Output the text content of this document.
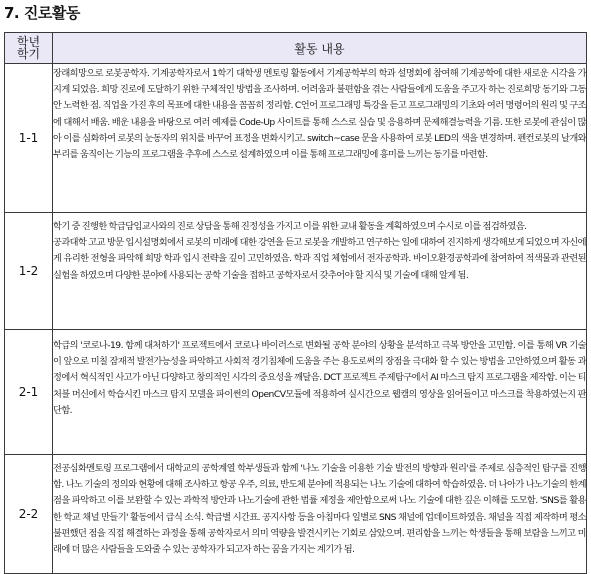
7. 진로활동
학년
학기	활동 내용
1-1	장래희망으로 로봇공학자. 기계공학자로서 1학기 대학생 멘토링 활동에서 기계공학부의 학과 설명회에 참여해 기계공학에 대한 새로운 시각을 가지게 되었음. 희망 진로에 도달하기 위한 구체적인 방법을 조사하며. 어려움과 불편함을 겪는 사람들에게 도움을 주고자 하는 진로희망 동기와 그동안 노력한 점. 직업을 가진 후의 목표에 대한 내용을 꼼꼼히 정리함. C언어 프로그래밍 특강을 듣고 프로그래밍의 기초와 여러 명령어의 원리 및 구조에 대해서 배움. 배운 내용을 바탕으로 여러 예제를 Code-Up 사이트를 통해 스스로 실습 및 응용하며 문제해결능력을 기름. 또한 로봇에 관심이 많아 이를 심화하여 로봇의 눈동자의 위치를 바꾸어 표정을 변화시키고. switch~case 문을 사용하여 로봇 LED의 색을 변경하며. 펜컨로봇의 날개와 부리를 움직이는 기능의 프로그램을 추후에 스스로 설계하였으며 이를 통해 프로그래밍에 흥미를 느끼는 동기를 마련함.

1-2	학기 중 진행한 학급담임교사와의 진로 상담을 통해 진정성을 가지고 이를 위한 교내 활동을 계획하였으며 수시로 이를 점검하였음.

공과대학 고교 방문 입시설명회에서 로봇의 미래에 대한 강연을 듣고 로봇을 개발하고 연구하는 일에 대하여 진지하게 생각해보게 되었으며 자신에게 유리한 전형을 파악해 희망 학과 입시 전략을 깊이 고민하였음. 학과 직업 체험에서 전자공학과. 바이오환경공학과에 참여하여 적색물과 관련된 실험을 하였으며 다양한 분야에 사용되는 공학 기술을 접하고 공학자로서 갖추어야 할 지식 및 기술에 대해 알게 됨.

2-1	학급의 '코로나-19. 함께 대처하기' 프로젝트에서 코로나 바이러스로 변화될 공학 분야의 상황을 분석하고 극복 방안을 고민함. 이를 통해 VR 기술이 앞으로 미칠 잠재적 발전가능성을 파악하고 사회적 경기침체에 도움을 주는 용도로써의 장점을 극대화 할 수 있는 방법을 고안하였으며 활동 과정에서 혁식적인 사고가 아닌 다양하고 창의적인 시각의 중요성을 깨달음. DCT 프로젝트 주제탐구에서 AI 마스크 탐지 프로그램을 제작함. 이는 티처블 머신에서 학습시킨 마스크 탐지 모델을 파이썬의 OpenCV모듈에 적용하여 실시간으로 웹캠의 영상을 읽어들이고 마스크를 착용하였는지 판단함.

2-2	전공심화멘토링 프로그램에서 대학교의 공학계열 학부생들과 함께 '나노 기술을 이용한 기술 발전의 방향과 원리'를 주제로 심층적인 탐구를 진행함. 나노 기술의 정의와 현황에 대해 조사하고 항공 우주, 의료, 반도체 분야에 적용되는 나노 기술에 대하여 학습하였음. 더 나아가 나노기술의 한계점을 파악하고 이를 보완할 수 있는 과학적 방안과 나노기술에 관한 법률 제정을 제안함으로써 나노 기술에 대한 깊은 이해를 도모함. 'SNS를 활용한 학교 채널 만들기' 활동에서 급식 소식. 학급별 시간표. 공지사항 등을 아침마다 일별로 SNS 채널에 업데이트하였음. 채널을 직접 제작하며 평소 불편했던 점을 직접 해결하는 과정을 통해 공학자로서 의미 역량을 발견시키는 기회로 삼았으며. 편리함을 느끼는 학생들을 통해 보람을 느끼고 미래에 더 많은 사람들을 도와줄 수 있는 공학자가 되고자 하는 꿈을 가지는 계기가 됨.
